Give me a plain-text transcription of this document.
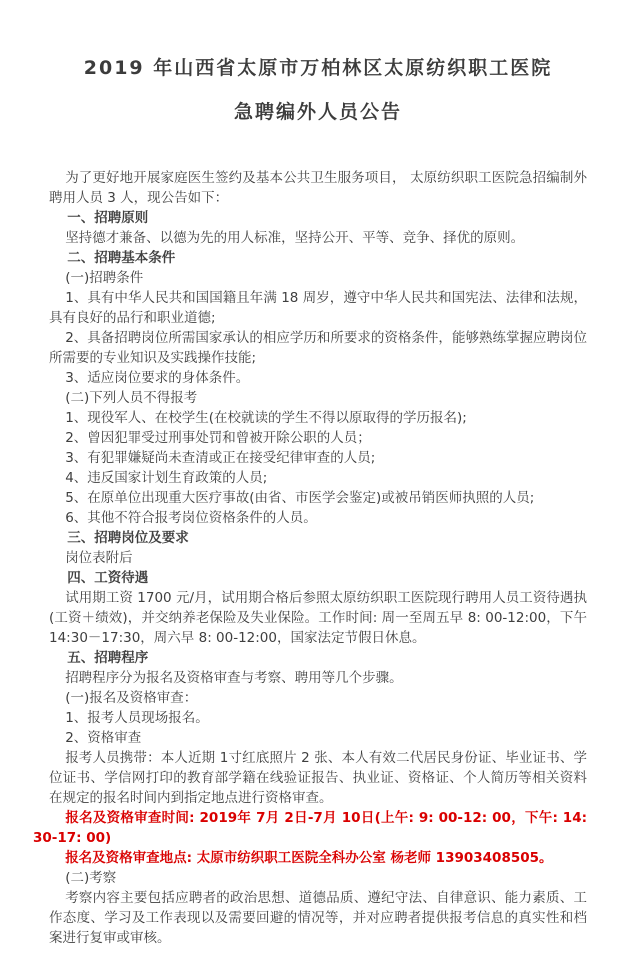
2019 年山西省太原市万柏林区太原纺织职工医院
急聘编外人员公告

为了更好地开展家庭医生签约及基本公共卫生服务项目， 太原纺织职工医院急招编制外聘用人员 3 人，现公告如下：

一、招聘原则

坚持德才兼备、以德为先的用人标准，坚持公开、平等、竞争、择优的原则。

二、招聘基本条件

(一)招聘条件

1、具有中华人民共和国国籍且年满 18 周岁，遵守中华人民共和国宪法、法律和法规，具有良好的品行和职业道德;

2、具备招聘岗位所需国家承认的相应学历和所要求的资格条件，能够熟练掌握应聘岗位所需要的专业知识及实践操作技能;

3、适应岗位要求的身体条件。

(二)下列人员不得报考

1、现役军人、在校学生(在校就读的学生不得以原取得的学历报名);

2、曾因犯罪受过刑事处罚和曾被开除公职的人员；

3、有犯罪嫌疑尚未查清或正在接受纪律审查的人员;

4、违反国家计划生育政策的人员;

5、在原单位出现重大医疗事故(由省、市医学会鉴定)或被吊销医师执照的人员;

6、其他不符合报考岗位资格条件的人员。

三、招聘岗位及要求

岗位表附后

四、工资待遇

试用期工资 1700 元/月，试用期合格后参照太原纺织职工医院现行聘用人员工资待遇执(工资＋绩效)，并交纳养老保险及失业保险。工作时间: 周一至周五早 8: 00-12:00，下午 14:30－17:30，周六早 8: 00-12:00，国家法定节假日休息。

五、招聘程序

招聘程序分为报名及资格审查与考察、聘用等几个步骤。

(一)报名及资格审查：

1、报考人员现场报名。

2、资格审查

报考人员携带：本人近期 1寸红底照片 2 张、本人有效二代居民身份证、毕业证书、学位证书、学信网打印的教育部学籍在线验证报告、执业证、资格证、个人简历等相关资料在规定的报名时间内到指定地点进行资格审查。

报名及资格审查时间: 2019年 7月 2日-7月 10日(上午: 9: 00-12: 00，下午: 14: 30-17: 00)

报名及资格审查地点: 太原市纺织职工医院全科办公室 杨老师 13903408505。

(二)考察

考察内容主要包括应聘者的政治思想、道德品质、遵纪守法、自律意识、能力素质、工作态度、学习及工作表现以及需要回避的情况等，并对应聘者提供报考信息的真实性和档案进行复审或审核。
